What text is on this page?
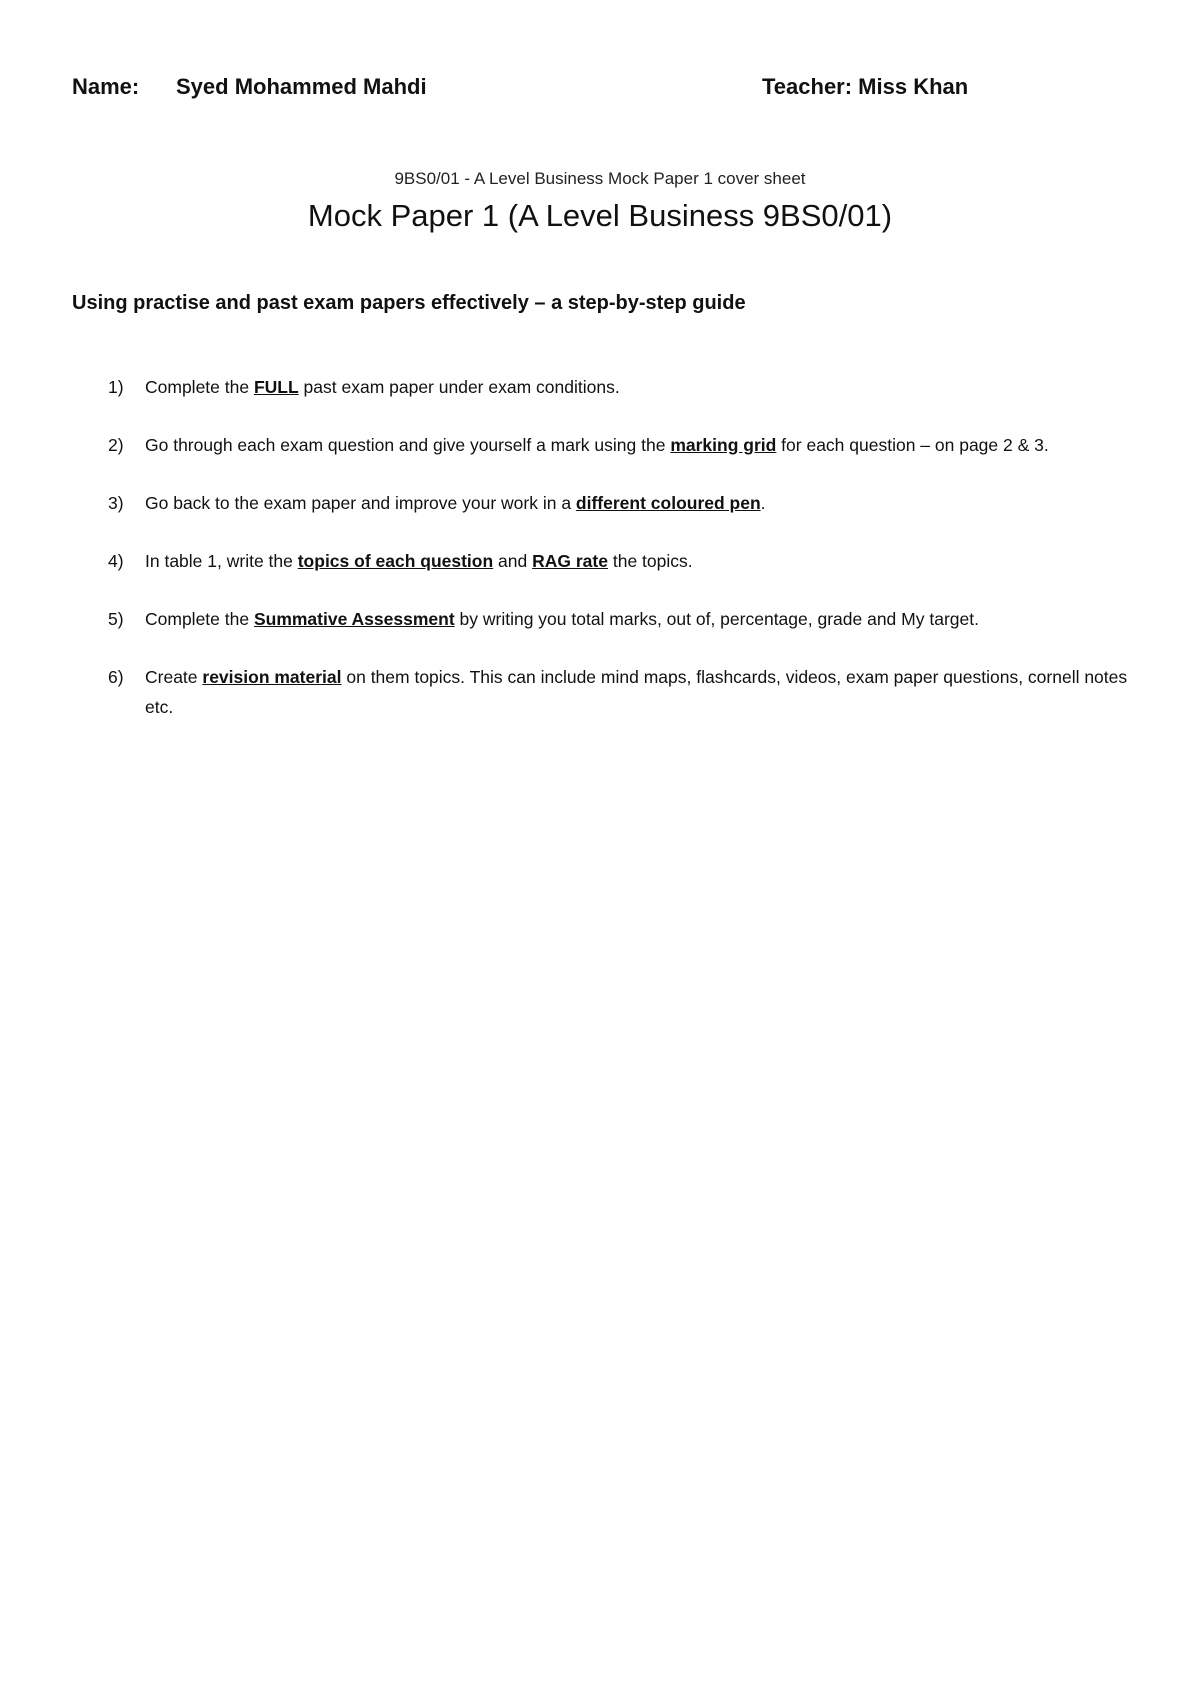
Name: Syed Mohammed Mahdi	Teacher: Miss Khan
9BS0/01 - A Level Business Mock Paper 1 cover sheet
Mock Paper 1 (A Level Business 9BS0/01)
Using practise and past exam papers effectively – a step-by-step guide
1) Complete the FULL past exam paper under exam conditions.
2) Go through each exam question and give yourself a mark using the marking grid for each question – on page 2 & 3.
3) Go back to the exam paper and improve your work in a different coloured pen.
4) In table 1, write the topics of each question and RAG rate the topics.
5) Complete the Summative Assessment by writing you total marks, out of, percentage, grade and My target.
6) Create revision material on them topics. This can include mind maps, flashcards, videos, exam paper questions, cornell notes etc.
